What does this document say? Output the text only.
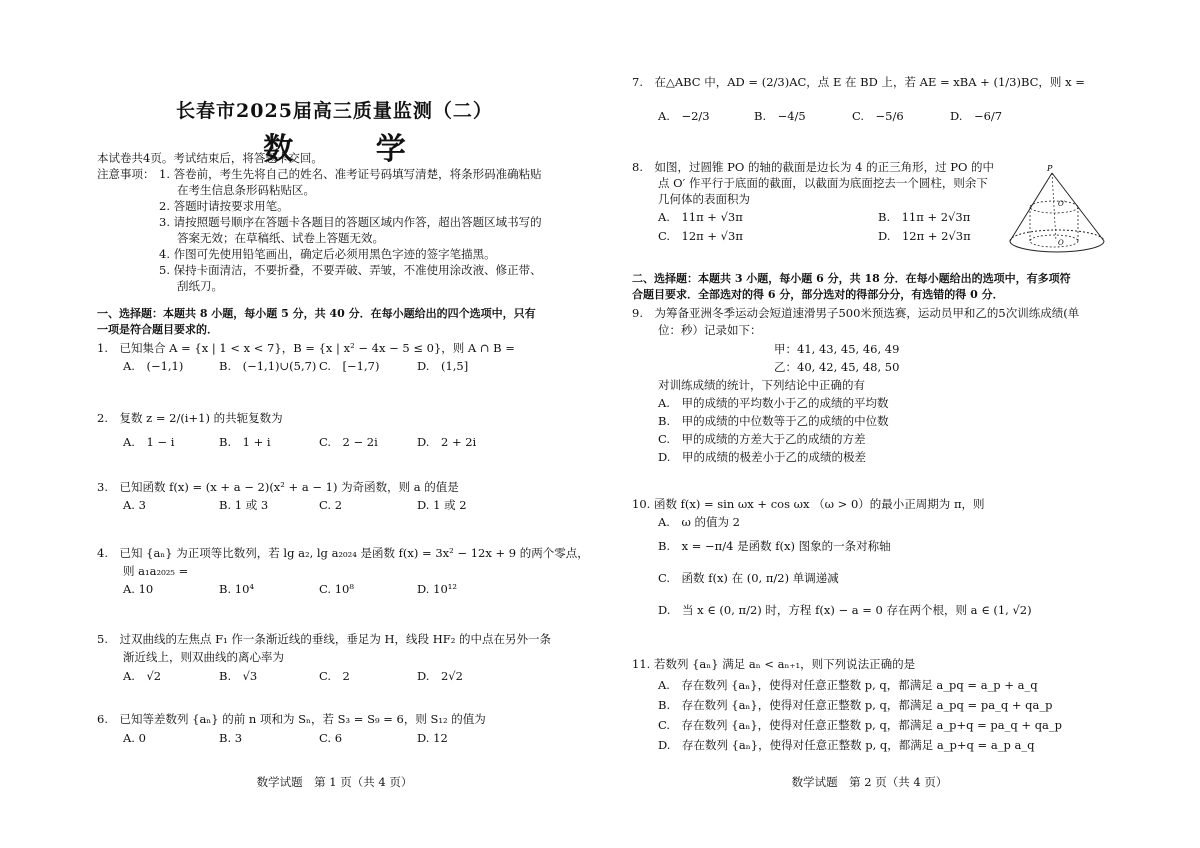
长春市2025届高三质量监测（二）
数 学
本试卷共4页。考试结束后，将答题卡交回。
注意事项： 1. 答卷前，考生先将自己的姓名、准考证号码填写清楚，将条形码准确粘贴
在考生信息条形码粘贴区。
2. 答题时请按要求用笔。
3. 请按照题号顺序在答题卡各题目的答题区域内作答，超出答题区域书写的
答案无效；在草稿纸、试卷上答题无效。
4. 作图可先使用铅笔画出，确定后必须用黑色字迹的签字笔描黑。
5. 保持卡面清洁，不要折叠，不要弄破、弄皱，不准使用涂改液、修正带、
刮纸刀。
一、选择题：本题共 8 小题，每小题 5 分，共 40 分．在每小题给出的四个选项中，只有
一项是符合题目要求的．
1.　已知集合 A = {x | 1 < x < 7}，B = {x | x² − 4x − 5 ≤ 0}，则 A ∩ B =
A.　(−1,1)	B.　(−1,1)∪(5,7) C.　[−1,7)	D.　(1,5]
2.　复数 z = 2/(i+1) 的共轭复数为
A.　1 − i	B.　1 + i	C.　2 − 2i	D.　2 + 2i
3.　已知函数 f(x) = (x + a − 2)(x² + a − 1) 为奇函数，则 a 的值是
A. 3	B. 1 或 3	C. 2	D. 1 或 2
4.　已知 {aₙ} 为正项等比数列，若 lg a₂, lg a₂₀₂₄ 是函数 f(x) = 3x² − 12x + 9 的两个零点，
则 a₁a₂₀₂₅ =
A. 10	B. 10⁴	C. 10⁸	D. 10¹²
5.　过双曲线的左焦点 F₁ 作一条渐近线的垂线，垂足为 H，线段 HF₂ 的中点在另外一条
渐近线上，则双曲线的离心率为
A.　√2	B.　√3	C.　2	D.　2√2
6.　已知等差数列 {aₙ} 的前 n 项和为 Sₙ，若 S₃ = S₉ = 6，则 S₁₂ 的值为
A. 0	B. 3	C. 6	D. 12
数学试题　第 1 页（共 4 页）
7.　在△ABC 中，AD = (2/3)AC，点 E 在 BD 上，若 AE = xBA + (1/3)BC，则 x =
A.　−2/3	B.　−4/5	C.　−5/6	D.　−6/7
8.　如图，过圆锥 PO 的轴的截面是边长为 4 的正三角形，过 PO 的中
点 O′ 作平行于底面的截面，以截面为底面挖去一个圆柱，则余下
几何体的表面积为
A.　11π + √3π	B.　11π + 2√3π
C.　12π + √3π	D.　12π + 2√3π
P
O′
O
二、选择题：本题共 3 小题，每小题 6 分，共 18 分．在每小题给出的选项中，有多项符
合题目要求．全部选对的得 6 分，部分选对的得部分分，有选错的得 0 分．
9.　为筹备亚洲冬季运动会短道速滑男子500米预选赛，运动员甲和乙的5次训练成绩(单
位：秒）记录如下：
甲：41, 43, 45, 46, 49
乙：40, 42, 45, 48, 50
对训练成绩的统计，下列结论中正确的有
A.　甲的成绩的平均数小于乙的成绩的平均数
B.　甲的成绩的中位数等于乙的成绩的中位数
C.　甲的成绩的方差大于乙的成绩的方差
D.　甲的成绩的极差小于乙的成绩的极差
10. 函数 f(x) = sin ωx + cos ωx （ω > 0）的最小正周期为 π，则
A.　ω 的值为 2
B.　x = −π/4 是函数 f(x) 图象的一条对称轴
C.　函数 f(x) 在 (0, π/2) 单调递减
D.　当 x ∈ (0, π/2) 时，方程 f(x) − a = 0 存在两个根，则 a ∈ (1, √2)
11. 若数列 {aₙ} 满足 aₙ < aₙ₊₁，则下列说法正确的是
A.　存在数列 {aₙ}，使得对任意正整数 p, q，都满足 a_pq = a_p + a_q
B.　存在数列 {aₙ}，使得对任意正整数 p, q，都满足 a_pq = pa_q + qa_p
C.　存在数列 {aₙ}，使得对任意正整数 p, q，都满足 a_p+q = pa_q + qa_p
D.　存在数列 {aₙ}，使得对任意正整数 p, q，都满足 a_p+q = a_p a_q
数学试题　第 2 页（共 4 页）
